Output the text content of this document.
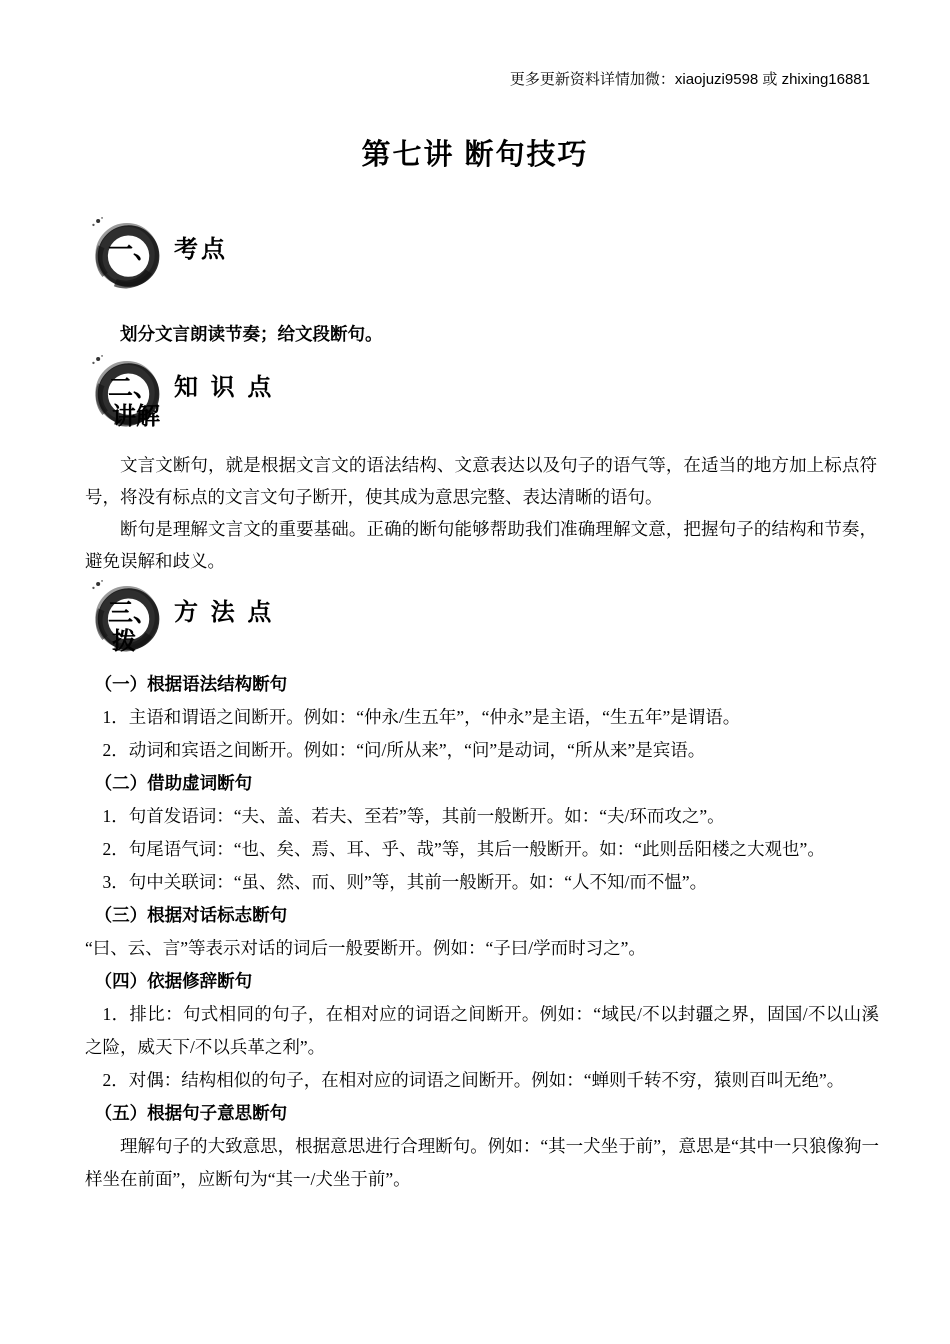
更多更新资料详情加微：xiaojuzi9598 或 zhixing16881
第七讲 断句技巧
一、 考点
划分文言朗读节奏；给文段断句。
二、 知 识 点
讲解

文言文断句，就是根据文言文的语法结构、文意表达以及句子的语气等，在适当的地方加上标点符号，将没有标点的文言文句子断开，使其成为意思完整、表达清晰的语句。

断句是理解文言文的重要基础。正确的断句能够帮助我们准确理解文意，把握句子的结构和节奏，避免误解和歧义。

三、 方 法 点
拨

（一）根据语法结构断句

1．主语和谓语之间断开。例如：“仲永/生五年”，“仲永”是主语，“生五年”是谓语。

2．动词和宾语之间断开。例如：“问/所从来”，“问”是动词，“所从来”是宾语。

（二）借助虚词断句

1．句首发语词：“夫、盖、若夫、至若”等，其前一般断开。如：“夫/环而攻之”。

2．句尾语气词：“也、矣、焉、耳、乎、哉”等，其后一般断开。如：“此则岳阳楼之大观也”。

3．句中关联词：“虽、然、而、则”等，其前一般断开。如：“人不知/而不愠”。

（三）根据对话标志断句

“曰、云、言”等表示对话的词后一般要断开。例如：“子曰/学而时习之”。

（四）依据修辞断句

1．排比：句式相同的句子，在相对应的词语之间断开。例如：“域民/不以封疆之界，固国/不以山溪之险，威天下/不以兵革之利”。

2．对偶：结构相似的句子，在相对应的词语之间断开。例如：“蝉则千转不穷，猿则百叫无绝”。

（五）根据句子意思断句

理解句子的大致意思，根据意思进行合理断句。例如：“其一犬坐于前”，意思是“其中一只狼像狗一样坐在前面”，应断句为“其一/犬坐于前”。
